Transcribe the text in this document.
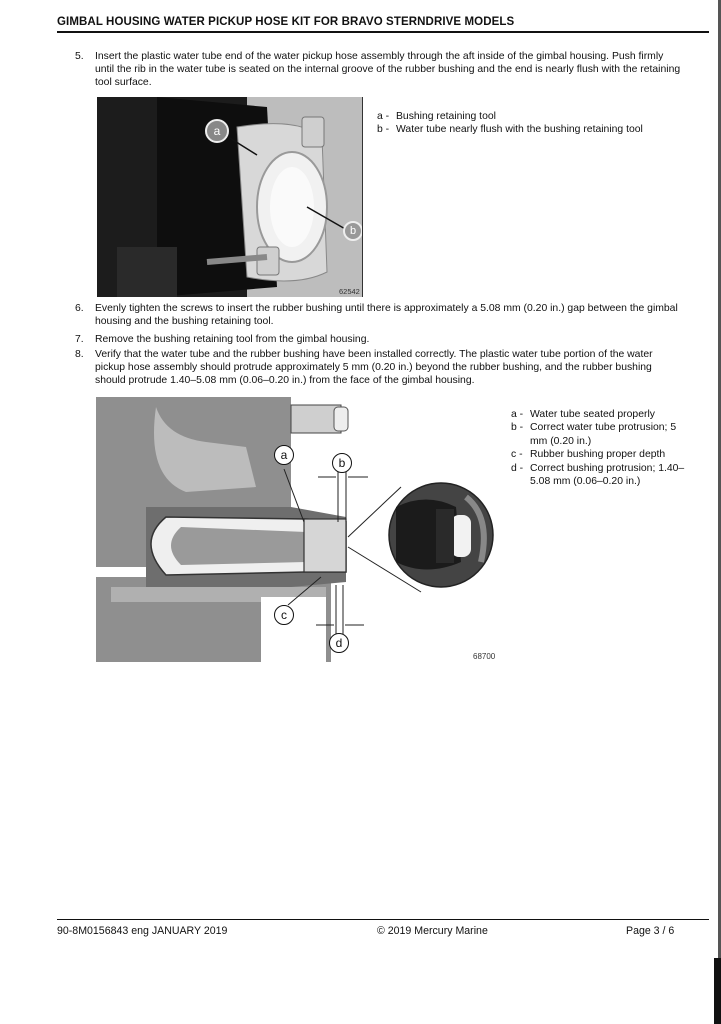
GIMBAL HOUSING WATER PICKUP HOSE KIT FOR BRAVO STERNDRIVE MODELS
5.	Insert the plastic water tube end of the water pickup hose assembly through the aft inside of the gimbal housing. Push firmly until the rib in the water tube is seated on the internal groove of the rubber bushing and the end is nearly flush with the retaining tool surface.
a
b
62542
a - Bushing retaining tool
b - Water tube nearly flush with the bushing retaining tool
6.	Evenly tighten the screws to insert the rubber bushing until there is approximately a 5.08 mm (0.20 in.) gap between the gimbal housing and the bushing retaining tool.
7.	Remove the bushing retaining tool from the gimbal housing.
8.	Verify that the water tube and the rubber bushing have been installed correctly. The plastic water tube portion of the water pickup hose assembly should protrude approximately 5 mm (0.20 in.) beyond the rubber bushing, and the rubber bushing should protrude 1.40–5.08 mm (0.06–0.20 in.) from the face of the gimbal housing.
a
b
c
d
68700
a - Water tube seated properly
b - Correct water tube protrusion; 5 mm (0.20 in.)
c - Rubber bushing proper depth
d - Correct bushing protrusion; 1.40–5.08 mm (0.06–0.20 in.)
90-8M0156843 eng JANUARY 2019	© 2019 Mercury Marine	Page 3 / 6
